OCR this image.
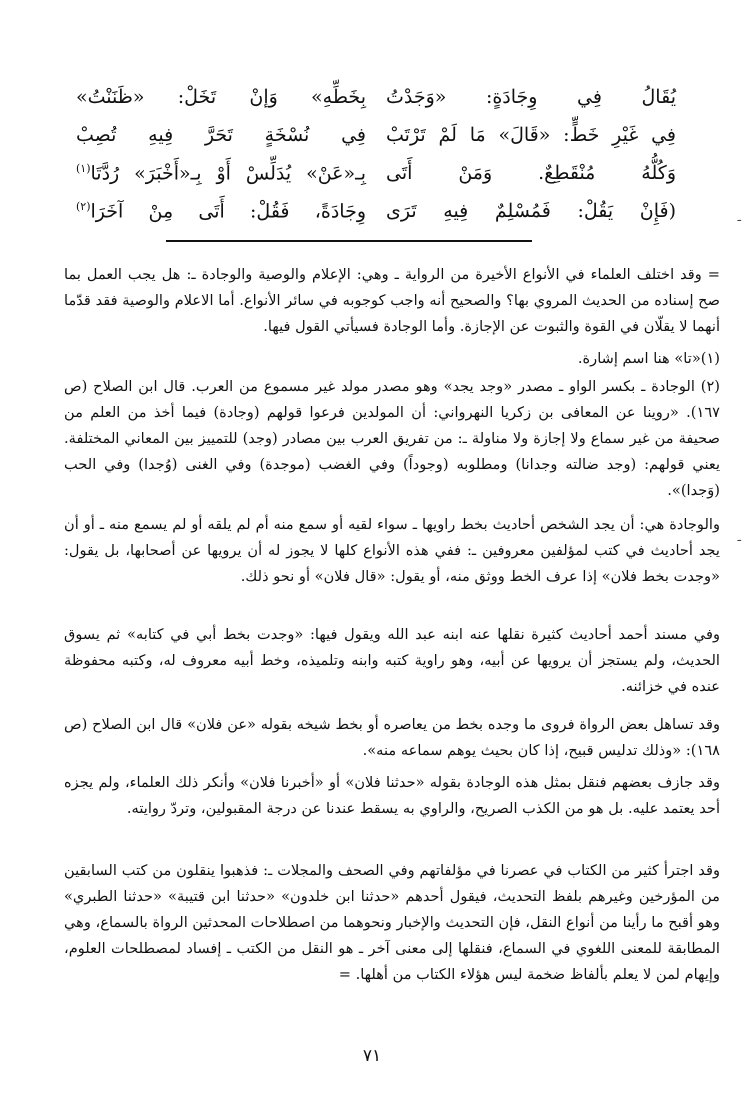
يُقَالُ فِي وِجَادَةٍ: «وَجَدْتُ
بِخَطِّهِ» وَإنْ تَخَلْ: «ظَنَنْتُ»
فِي غَيْرِ خَطٍّ: «قَالَ» مَا لَمْ تَرْتَبْ
فِي نُسْخَةٍ تَحَرَّ فِيهِ تُصِبْ
وَكُلُّهُ مُنْقَطِعٌ. وَمَنْ أَتَى
بِـ«عَنْ» يُدَلِّسْ أَوْ بِـ«أَخْبَرَ» رُدَّتَا$^{(١)}$
(فَإِنْ يَقُلْ: فَمُسْلِمٌ فِيهِ تَرَى
وِجَادَةً، فَقُلْ: أَتَى مِنْ آخَرَا$^{(٢)}$

= وقد اختلف العلماء في الأنواع الأخيرة من الرواية ـ وهي: الإعلام والوصية والوجادة ـ: هل يجب العمل بما صح إسناده من الحديث المروي بها؟ والصحيح أنه واجب كوجوبه في سائر الأنواع. أما الاعلام والوصية فقد قدّما أنهما لا يقلّان في القوة والثبوت عن الإجازة. وأما الوجادة فسيأتي القول فيها.

(١)«تا» هنا اسم إشارة.

(٢) الوجادة ـ بكسر الواو ـ مصدر «وجد يجد» وهو مصدر مولد غير مسموع من العرب. قال ابن الصلاح (ص ١٦٧). «روينا عن المعافى بن زكريا النهرواني: أن المولدين فرعوا قولهم (وجادة) فيما أخذ من العلم من صحيفة من غير سماع ولا إجازة ولا مناولة ـ: من تفريق العرب بين مصادر (وجد) للتمييز بين المعاني المختلفة. يعني قولهم: (وجد ضالته وجدانا) ومطلوبه (وجوداً) وفي الغضب (موجدة) وفي الغنى (وُجدا) وفي الحب (وَجدا)».

والوجادة هي: أن يجد الشخص أحاديث بخط راويها ـ سواء لقيه أو سمع منه أم لم يلقه أو لم يسمع منه ـ أو أن يجد أحاديث في كتب لمؤلفين معروفين ـ: ففي هذه الأنواع كلها لا يجوز له أن يرويها عن أصحابها، بل يقول: «وجدت بخط فلان» إذا عرف الخط ووثق منه، أو يقول: «قال فلان» أو نحو ذلك.

وفي مسند أحمد أحاديث كثيرة نقلها عنه ابنه عبد الله ويقول فيها: «وجدت بخط أبي في كتابه» ثم يسوق الحديث، ولم يستجز أن يرويها عن أبيه، وهو راوية كتبه وابنه وتلميذه، وخط أبيه معروف له، وكتبه محفوظة عنده في خزائنه.

وقد تساهل بعض الرواة فروى ما وجده بخط من يعاصره أو بخط شيخه بقوله «عن فلان» قال ابن الصلاح (ص ١٦٨): «وذلك تدليس قبيح، إذا كان بحيث يوهم سماعه منه».

وقد جازف بعضهم فنقل بمثل هذه الوجادة بقوله «حدثنا فلان» أو «أخبرنا فلان» وأنكر ذلك العلماء، ولم يجزه أحد يعتمد عليه. بل هو من الكذب الصريح، والراوي به يسقط عندنا عن درجة المقبولين، وتردّ روايته.

وقد اجترأ كثير من الكتاب في عصرنا في مؤلفاتهم وفي الصحف والمجلات ـ: فذهبوا ينقلون من كتب السابقين من المؤرخين وغيرهم بلفظ التحديث، فيقول أحدهم «حدثنا ابن خلدون» «حدثنا ابن قتيبة» «حدثنا الطبري» وهو أقبح ما رأينا من أنواع النقل، فإن التحديث والإخبار ونحوهما من اصطلاحات المحدثين الرواة بالسماع، وهي المطابقة للمعنى اللغوي في السماع، فنقلها إلى معنى آخر ـ هو النقل من الكتب ـ إفساد لمصطلحات العلوم، وإيهام لمن لا يعلم بألفاظ ضخمة ليس هؤلاء الكتاب من أهلها. =

٧١
ـ
ـ
